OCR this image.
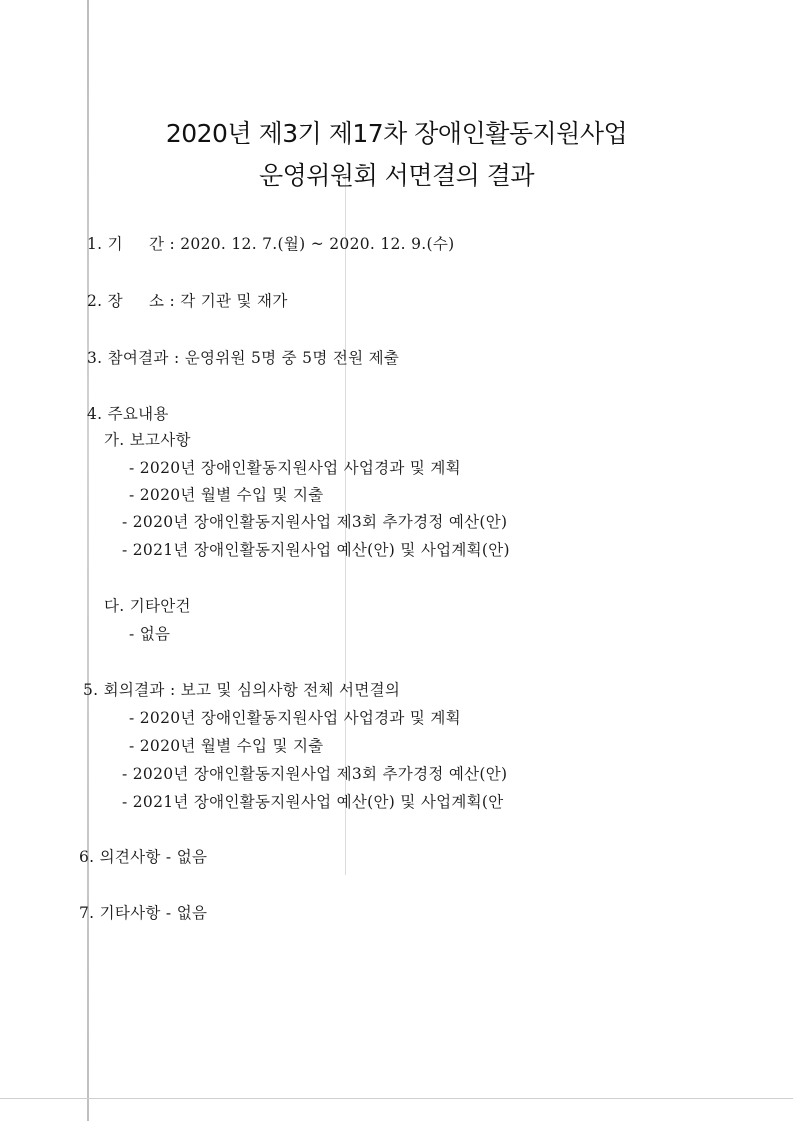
2020년 제3기 제17차 장애인활동지원사업
운영위원회 서면결의 결과
1. 기     간 : 2020. 12. 7.(월) ~ 2020. 12. 9.(수)
2. 장     소 : 각 기관 및 재가
3. 참여결과 : 운영위원 5명 중 5명 전원 제출
4. 주요내용
가. 보고사항
- 2020년 장애인활동지원사업 사업경과 및 계획
- 2020년 월별 수입 및 지출
- 2020년 장애인활동지원사업 제3회 추가경정 예산(안)
- 2021년 장애인활동지원사업 예산(안) 및 사업계획(안)
다. 기타안건
- 없음
5. 회의결과 : 보고 및 심의사항 전체 서면결의
- 2020년 장애인활동지원사업 사업경과 및 계획
- 2020년 월별 수입 및 지출
- 2020년 장애인활동지원사업 제3회 추가경정 예산(안)
- 2021년 장애인활동지원사업 예산(안) 및 사업계획(안
6. 의견사항 - 없음
7. 기타사항 - 없음
